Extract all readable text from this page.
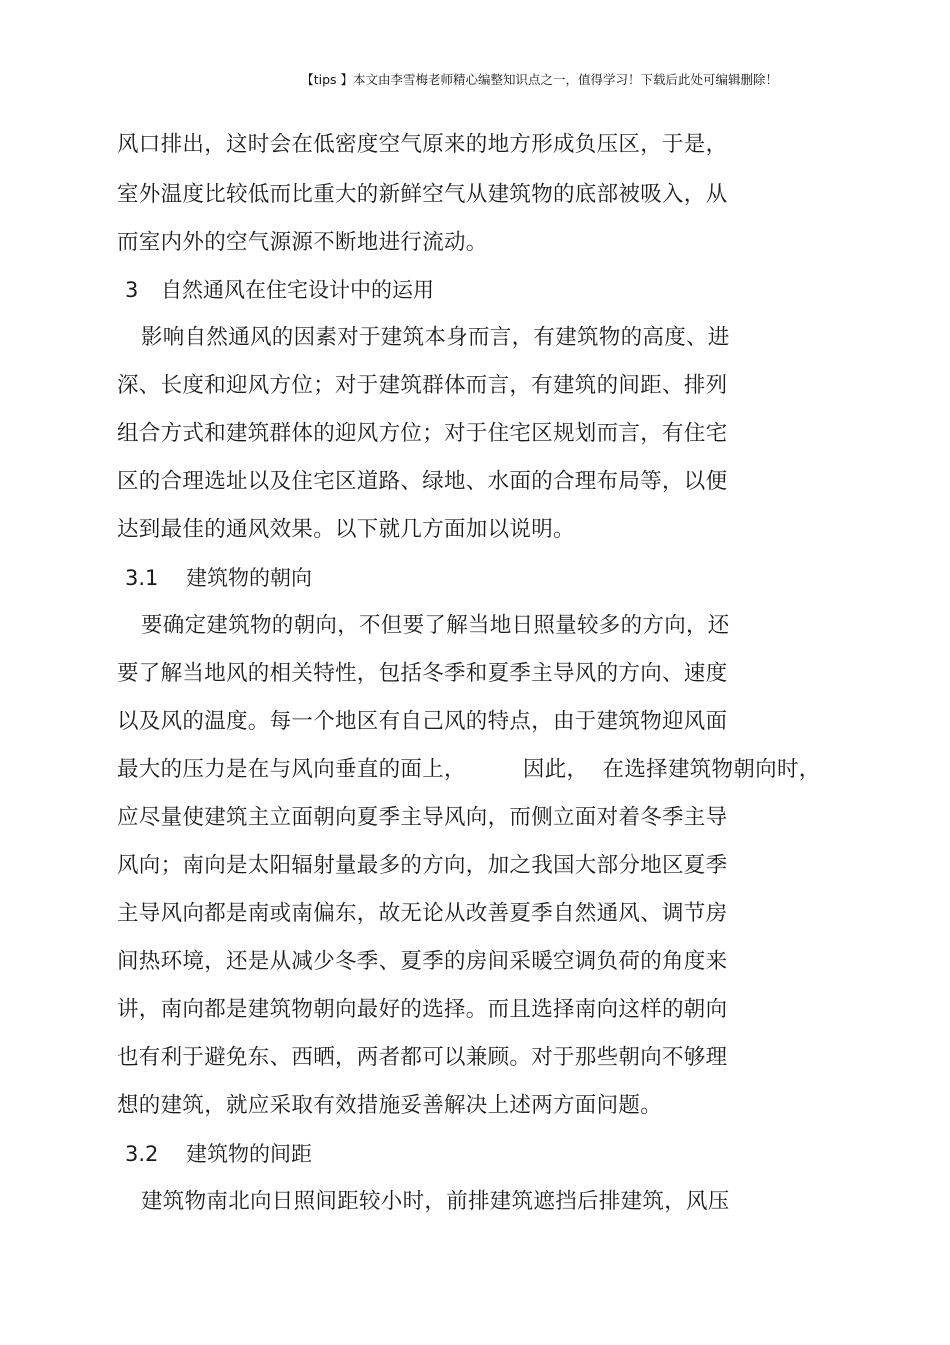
【tips 】本文由李雪梅老师精心编整知识点之一，值得学习！下载后此处可编辑删除！
风口排出，这时会在低密度空气原来的地方形成负压区，于是，
室外温度比较低而比重大的新鲜空气从建筑物的底部被吸入，从
而室内外的空气源源不断地进行流动。
3 自然通风在住宅设计中的运用
影响自然通风的因素对于建筑本身而言，有建筑物的高度、进
深、长度和迎风方位；对于建筑群体而言，有建筑的间距、排列
组合方式和建筑群体的迎风方位；对于住宅区规划而言，有住宅
区的合理选址以及住宅区道路、绿地、水面的合理布局等，以便
达到最佳的通风效果。以下就几方面加以说明。
3.1 建筑物的朝向
要确定建筑物的朝向，不但要了解当地日照量较多的方向，还
要了解当地风的相关特性，包括冬季和夏季主导风的方向、速度
以及风的温度。每一个地区有自己风的特点，由于建筑物迎风面
最大的压力是在与风向垂直的面上，        因此，  在选择建筑物朝向时，
应尽量使建筑主立面朝向夏季主导风向，而侧立面对着冬季主导
风向；南向是太阳辐射量最多的方向，加之我国大部分地区夏季
主导风向都是南或南偏东，故无论从改善夏季自然通风、调节房
间热环境，还是从减少冬季、夏季的房间采暖空调负荷的角度来
讲，南向都是建筑物朝向最好的选择。而且选择南向这样的朝向
也有利于避免东、西晒，两者都可以兼顾。对于那些朝向不够理
想的建筑，就应采取有效措施妥善解决上述两方面问题。
3.2 建筑物的间距
建筑物南北向日照间距较小时，前排建筑遮挡后排建筑，风压
